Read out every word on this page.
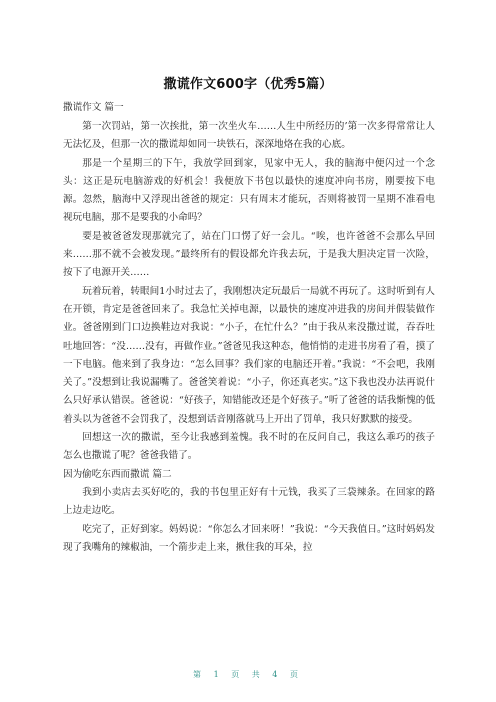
撒谎作文600字（优秀5篇）
撒谎作文 篇一

第一次罚站，第一次挨批，第一次坐火车……人生中所经历的’第一次多得常常让人无法忆及，但那一次的撒谎却如同一块铁石，深深地烙在我的心底。

那是一个星期三的下午，我放学回到家，见家中无人，我的脑海中便闪过一个念头：这正是玩电脑游戏的好机会！我便放下书包以最快的速度冲向书房，刚要按下电源。忽然，脑海中又浮现出爸爸的规定：只有周末才能玩，否则将被罚一星期不准看电视玩电脑，那不是要我的小命吗？

要是被爸爸发现那就完了，站在门口愣了好一会儿。“唉，也许爸爸不会那么早回来……那不就不会被发现。”最终所有的假设都允许我去玩，于是我大胆决定冒一次险，按下了电源开关……

玩着玩着，转眼间1小时过去了，我刚想决定玩最后一局就不再玩了。这时听到有人在开锁，肯定是爸爸回来了。我急忙关掉电源，以最快的速度冲进我的房间并假装做作业。爸爸刚到门口边换鞋边对我说：“小子，在忙什么？”由于我从来没撒过谎，吞吞吐吐地回答：“没……没有，再做作业。”爸爸见我这种态，他悄悄的走进书房看了看，摸了一下电脑。他来到了我身边：“怎么回事？我们家的电脑还开着。”我说：“不会吧，我刚关了。”没想到让我说漏嘴了。爸爸笑着说：“小子，你还真老实。”这下我也没办法再说什么只好承认错误。爸爸说：“好孩子，知错能改还是个好孩子。”听了爸爸的话我惭愧的低着头以为爸爸不会罚我了，没想到话音刚落就马上开出了罚单，我只好默默的接受。

回想这一次的撒谎，至今让我感到羞愧。我不时的在反问自己，我这么乖巧的孩子怎么也撒谎了呢？爸爸我错了。

因为偷吃东西而撒谎 篇二

我到小卖店去买好吃的，我的书包里正好有十元钱，我买了三袋辣条。在回家的路上边走边吃。

吃完了，正好到家。妈妈说：“你怎么才回来呀！”我说：“今天我值日。”这时妈妈发现了我嘴角的辣椒油，一个箭步走上来，揪住我的耳朵，拉

第 1 页 共 4 页
